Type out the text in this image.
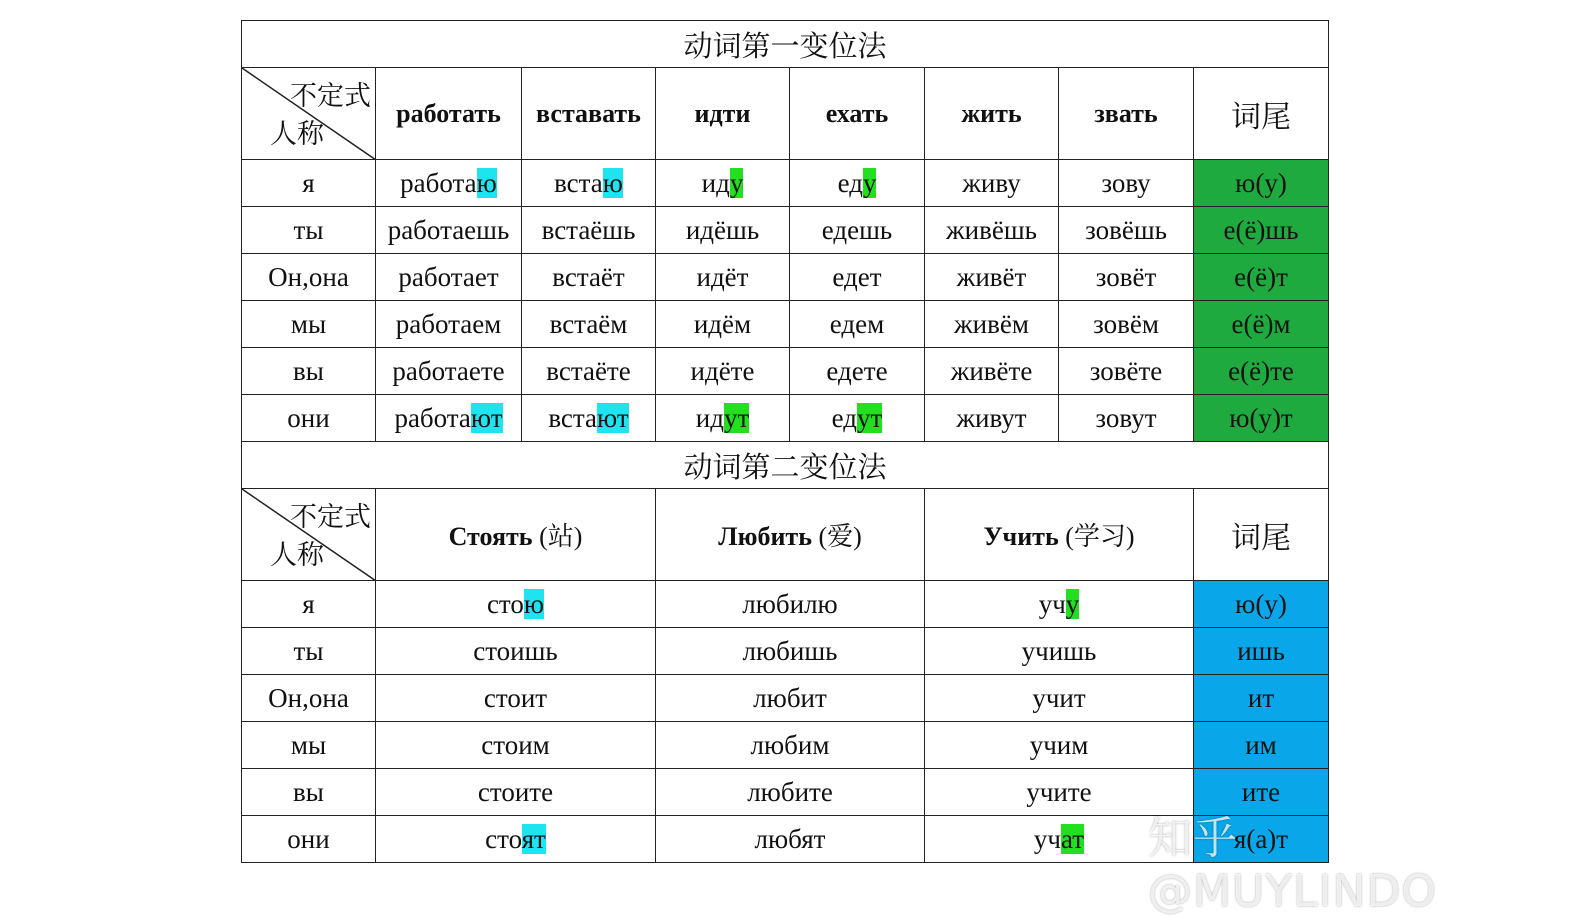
动词第一变位法							

不定式
人称	работать	вставать	идти	ехать	жить	звать	词尾
я	работаю	встаю	иду	еду	живу	зову	ю(у)
ты	работаешь	встаёшь	идёшь	едешь	живёшь	зовёшь	е(ё)шь
Он,она	работает	встаёт	идёт	едет	живёт	зовёт	е(ё)т
мы	работаем	встаём	идём	едем	живём	зовём	е(ё)м
вы	работаете	встаёте	идёте	едете	живёте	зовёте	е(ё)те
они	работают	встают	идут	едут	живут	зовут	ю(у)т
动词第二变位法							

不定式
人称	Стоять (站)		Любить (爱)		Учить (学习)		词尾
я	стою		любилю		учу		ю(у)
ты	стоишь		любишь		учишь		ишь
Он,она	стоит		любит		учит		ит
мы	стоим		любим		учим		им
вы	стоите		любите		учите		ите
они	стоят		любят		учат		я(а)т
知乎 @MUYLINDO
